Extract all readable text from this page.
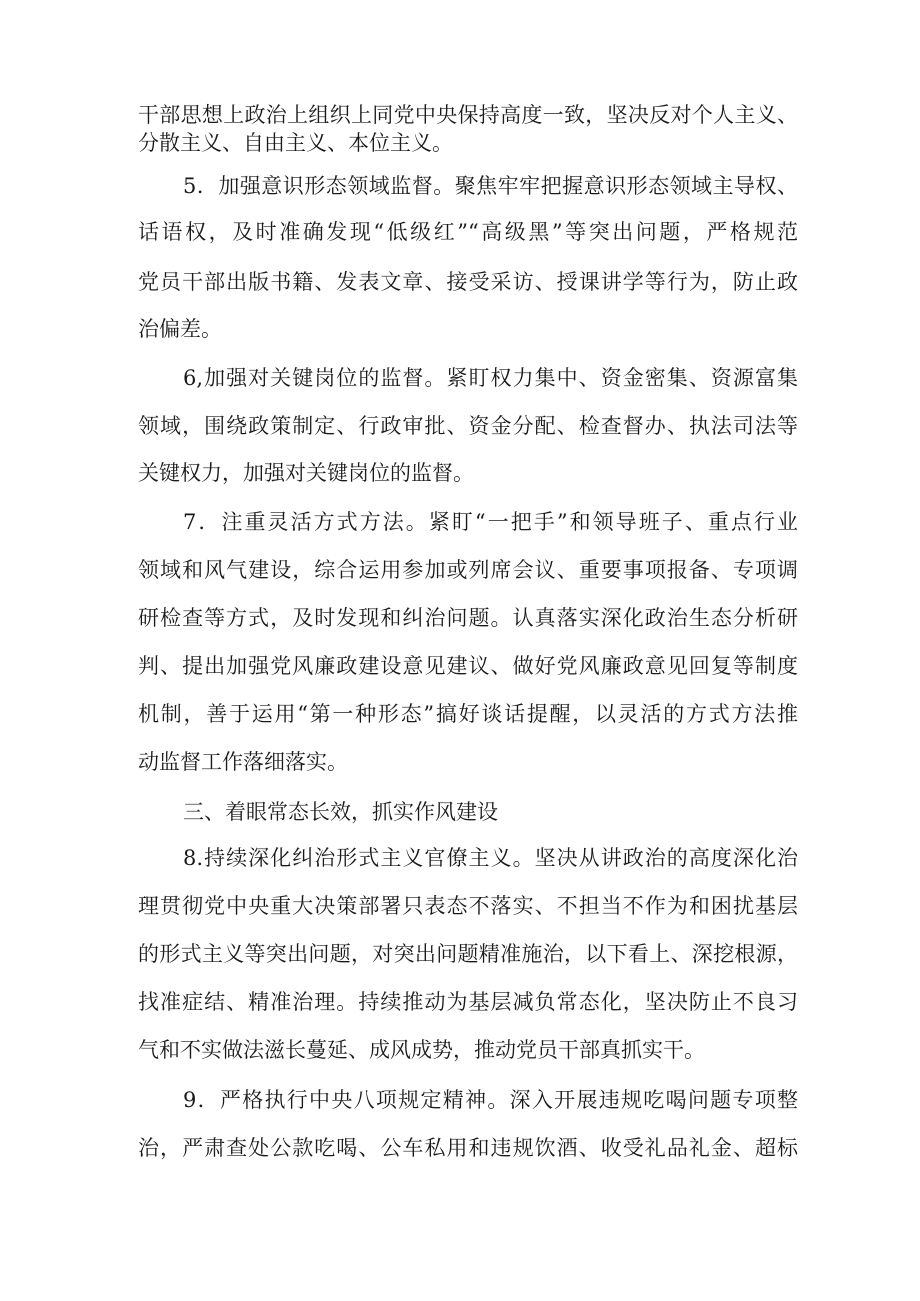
干部思想上政治上组织上同党中央保持高度一致，坚决反对个人主义、
分散主义、自由主义、本位主义。
5．加强意识形态领域监督。聚焦牢牢把握意识形态领域主导权、
话语权，及时准确发现“低级红”“高级黑”等突出问题，严格规范
党员干部出版书籍、发表文章、接受采访、授课讲学等行为，防止政
治偏差。
6,加强对关键岗位的监督。紧盯权力集中、资金密集、资源富集
领域，围绕政策制定、行政审批、资金分配、检查督办、执法司法等
关键权力，加强对关键岗位的监督。
7．注重灵活方式方法。紧盯“一把手”和领导班子、重点行业
领域和风气建设，综合运用参加或列席会议、重要事项报备、专项调
研检查等方式，及时发现和纠治问题。认真落实深化政治生态分析研
判、提出加强党风廉政建设意见建议、做好党风廉政意见回复等制度
机制，善于运用“第一种形态”搞好谈话提醒，以灵活的方式方法推
动监督工作落细落实。
三、着眼常态长效，抓实作风建设
8.持续深化纠治形式主义官僚主义。坚决从讲政治的高度深化治
理贯彻党中央重大决策部署只表态不落实、不担当不作为和困扰基层
的形式主义等突出问题，对突出问题精准施治，以下看上、深挖根源，
找准症结、精准治理。持续推动为基层减负常态化，坚决防止不良习
气和不实做法滋长蔓延、成风成势，推动党员干部真抓实干。
9．严格执行中央八项规定精神。深入开展违规吃喝问题专项整
治，严肃查处公款吃喝、公车私用和违规饮酒、收受礼品礼金、超标
